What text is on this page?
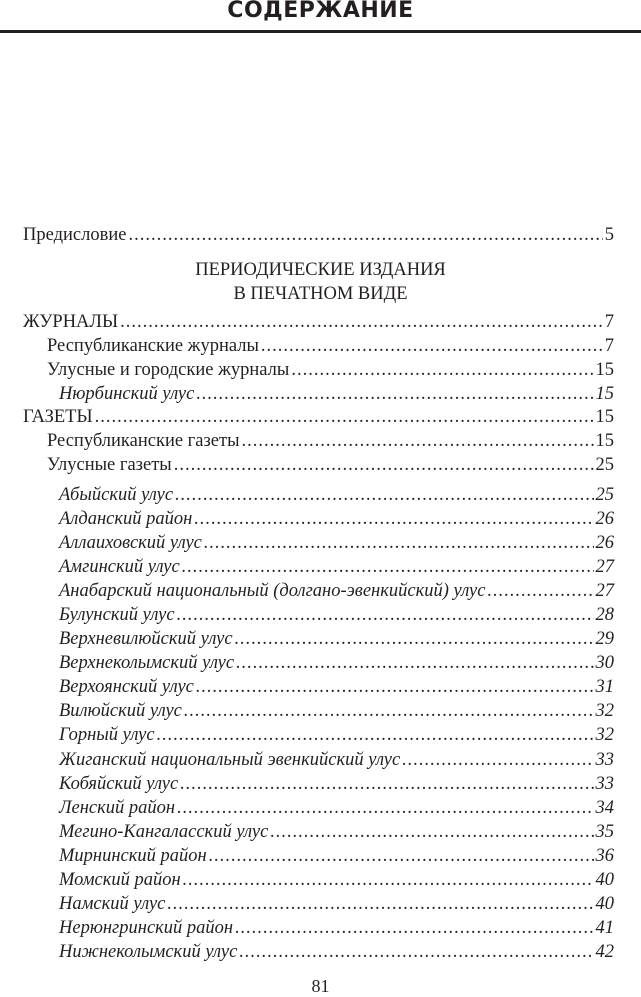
СОДЕРЖАНИЕ
Предисловие .....	5
ПЕРИОДИЧЕСКИЕ ИЗДАНИЯ
В ПЕЧАТНОМ ВИДЕ
ЖУРНАЛЫ .....	7
Республиканские журналы .....	7
Улусные и городские журналы .....	15
Нюрбинский улус .....	15
ГАЗЕТЫ .....	15
Республиканские газеты .....	15
Улусные газеты .....	25
Абыйский улус .....	25
Алданский район .....	26
Аллаиховский улус .....	26
Амгинский улус .....	27
Анабарский национальный (долгано-эвенкийский) улус .....	27
Булунский улус .....	28
Верхневилюйский улус .....	29
Верхнеколымский улус .....	30
Верхоянский улус .....	31
Вилюйский улус .....	32
Горный улус .....	32
Жиганский национальный эвенкийский улус .....	33
Кобяйский улус .....	33
Ленский район .....	34
Мегино-Кангаласский улус .....	35
Мирнинский район .....	36
Момский район .....	40
Намский улус .....	40
Нерюнгринский район .....	41
Нижнеколымский улус .....	42
81
